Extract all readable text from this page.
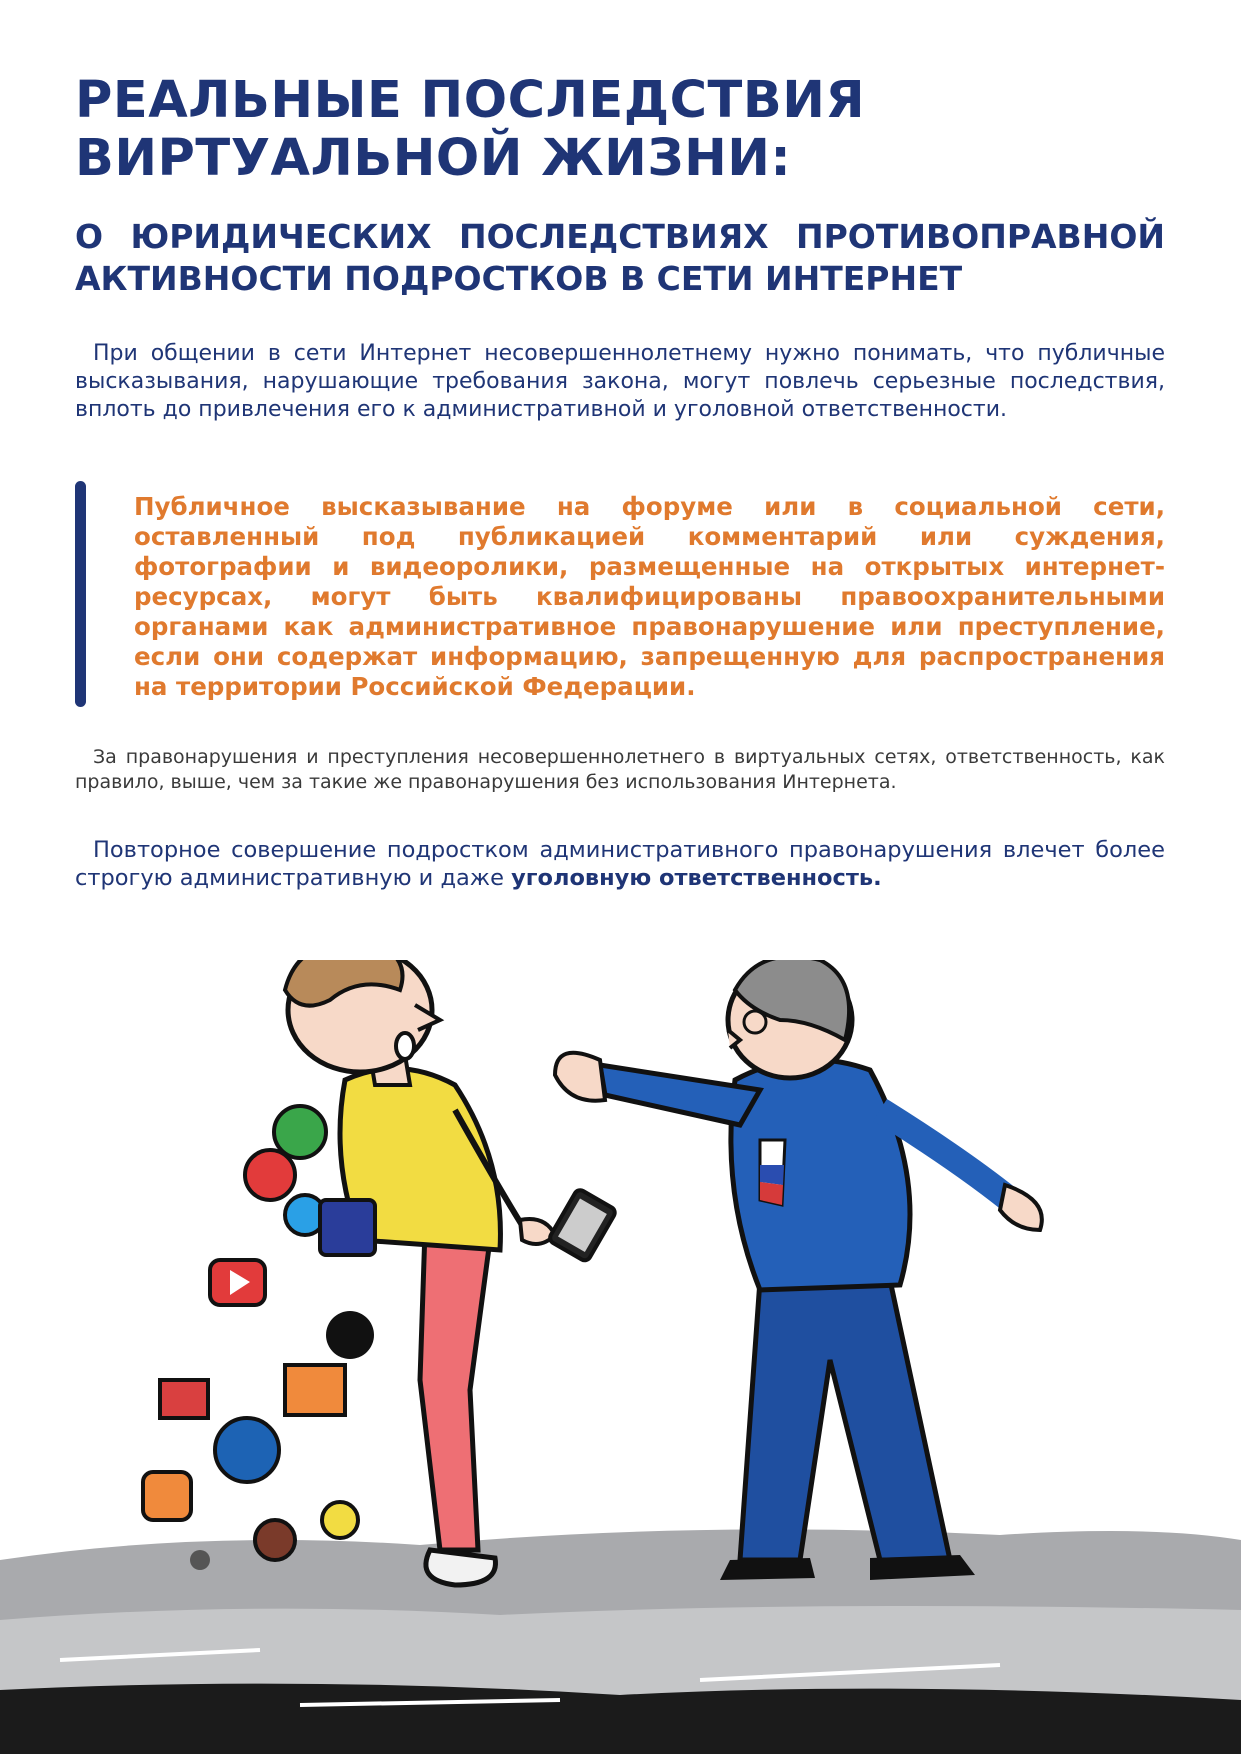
РЕАЛЬНЫЕ ПОСЛЕДСТВИЯ
ВИРТУАЛЬНОЙ ЖИЗНИ:
О ЮРИДИЧЕСКИХ ПОСЛЕДСТВИЯХ ПРОТИВОПРАВНОЙ АКТИВНОСТИ ПОДРОСТКОВ В СЕТИ ИНТЕРНЕТ

При общении в сети Интернет несовершеннолетнему нужно понимать, что публичные высказывания, нарушающие требования закона, могут повлечь серьезные последствия, вплоть до привлечения его к административной и уголовной ответственности.

Публичное высказывание на форуме или в социальной сети, оставленный под публикацией комментарий или суждения, фотографии и видеоролики, размещенные на открытых интернет-ресурсах, могут быть квалифицированы правоохранительными органами как административное правонарушение или преступление, если они содержат информацию, запрещенную для распространения на территории Российской Федерации.

За правонарушения и преступления несовершеннолетнего в виртуальных сетях, ответственность, как правило, выше, чем за такие же правонарушения без использования Интернета.

Повторное совершение подростком административного правонарушения влечет более строгую административную и даже уголовную ответственность.
